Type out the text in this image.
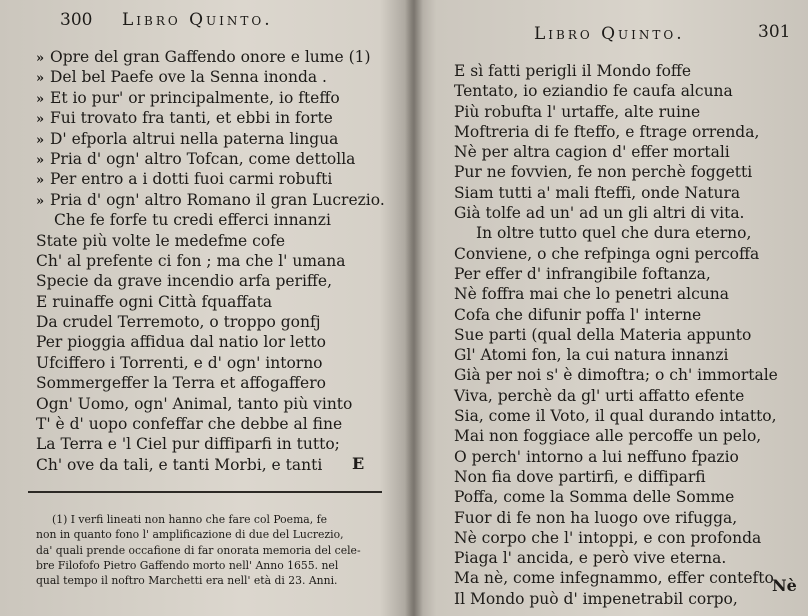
300 Libro Quinto.
» Opre del gran Gaffendo onore e lume (1)
» Del bel Paefe ove la Senna inonda .
» Et io pur' or principalmente, io fteffo
» Fui trovato fra tanti, et ebbi in forte
» D' efporla altrui nella paterna lingua
» Pria d' ogn' altro Tofcan, come dettolla
» Per entro a i dotti fuoi carmi robufti
» Pria d' ogn' altro Romano il gran Lucrezio.
Che fe forfe tu credi efferci innanzi
State più volte le medefme cofe
Ch' al prefente ci fon ; ma che l' umana
Specie da grave incendio arfa periffe,
E ruinaffe ogni Città fquaffata
Da crudel Terremoto, o troppo gonfj
Per pioggia affidua dal natio lor letto
Ufciffero i Torrenti, e d' ogn' intorno
Sommergeffer la Terra et affogaffero
Ogn' Uomo, ogn' Animal, tanto più vinto
T' è d' uopo confeffar che debbe al fine
La Terra e 'l Ciel pur diffiparfi in tutto;
Ch' ove da tali, e tanti Morbi, e tanti	E
(1) I verfi lineati non hanno che fare col Poema, fe
non in quanto fono l' amplificazione di due del Lucrezio,
da' quali prende occafione di far onorata memoria del cele-
bre Filofofo Pietro Gaffendo morto nell' Anno 1655. nel
qual tempo il noftro Marchetti era nell' età di 23. Anni.
Libro Quinto.	301
E sì fatti perigli il Mondo foffe
Tentato, io eziandio fe caufa alcuna
Più robufta l' urtaffe, alte ruine
Moftreria di fe fteffo, e ftrage orrenda,
Nè per altra cagion d' effer mortali
Pur ne fovvien, fe non perchè foggetti
Siam tutti a' mali fteffi, onde Natura
Già tolfe ad un' ad un gli altri di vita.
In oltre tutto quel che dura eterno,
Conviene, o che refpinga ogni percoffa
Per effer d' infrangibile foftanza,
Nè foffra mai che lo penetri alcuna
Cofa che difunir poffa l' interne
Sue parti (qual della Materia appunto
Gl' Atomi fon, la cui natura innanzi
Già per noi s' è dimoftra; o ch' immortale
Viva, perchè da gl' urti affatto efente
Sia, come il Voto, il qual durando intatto,
Mai non foggiace alle percoffe un pelo,
O perch' intorno a lui neffuno fpazio
Non fia dove partirfi, e diffiparfi
Poffa, come la Somma delle Somme
Fuor di fe non ha luogo ove rifugga,
Nè corpo che l' intoppi, e con profonda
Piaga l' ancida, e però vive eterna.
Ma nè, come infegnammo, effer contefto
Il Mondo può d' impenetrabil corpo,
Nè
